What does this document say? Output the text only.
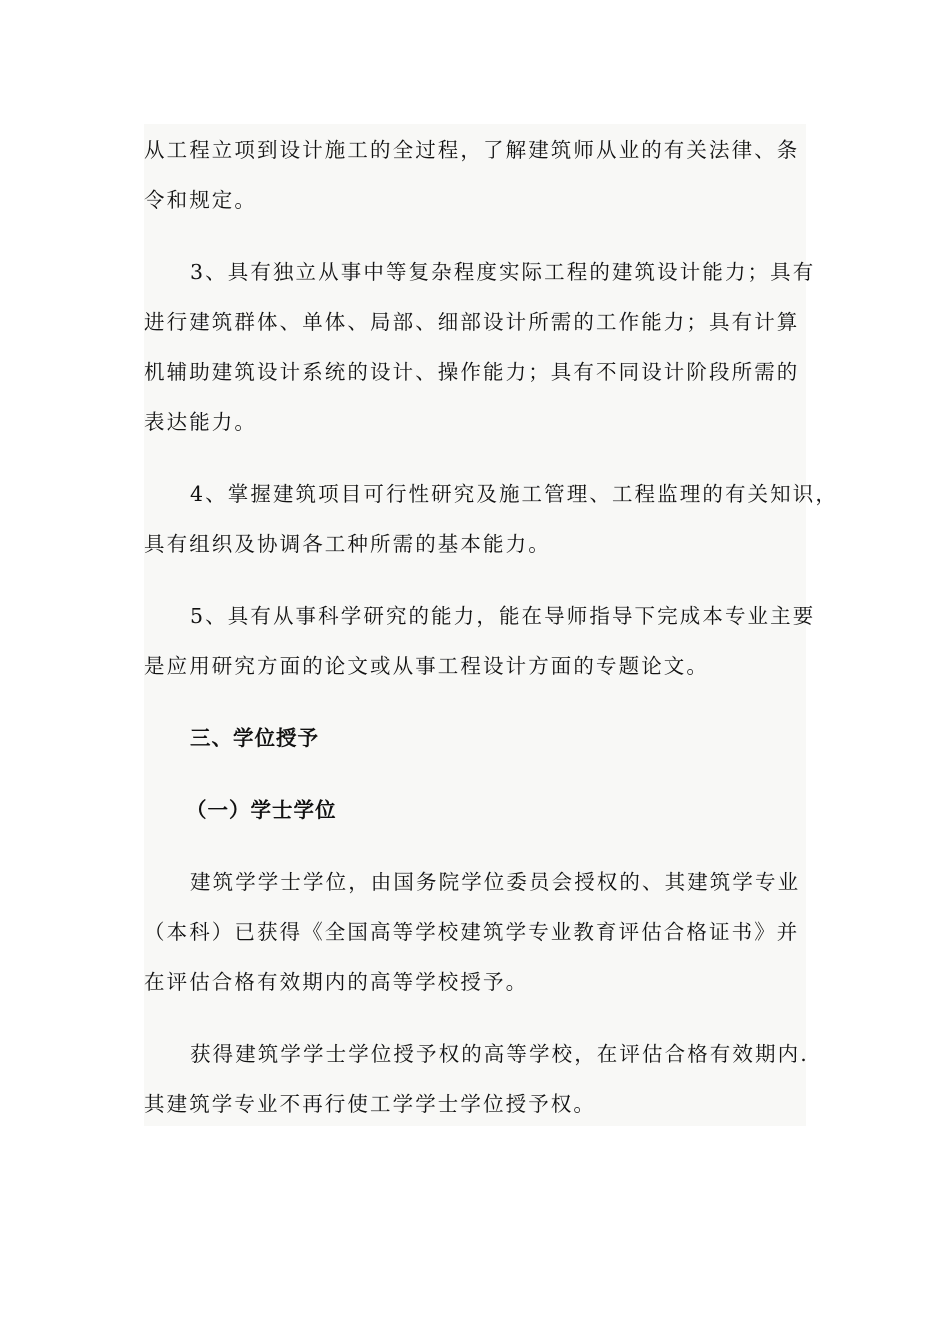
从工程立项到设计施工的全过程，了解建筑师从业的有关法律、条
令和规定。
3、具有独立从事中等复杂程度实际工程的建筑设计能力；具有
进行建筑群体、单体、局部、细部设计所需的工作能力；具有计算
机辅助建筑设计系统的设计、操作能力；具有不同设计阶段所需的
表达能力。
4、掌握建筑项目可行性研究及施工管理、工程监理的有关知识，
具有组织及协调各工种所需的基本能力。
5、具有从事科学研究的能力，能在导师指导下完成本专业主要
是应用研究方面的论文或从事工程设计方面的专题论文。
三、学位授予
（一）学士学位
建筑学学士学位，由国务院学位委员会授权的、其建筑学专业
（本科）已获得《全国高等学校建筑学专业教育评估合格证书》并
在评估合格有效期内的高等学校授予。
获得建筑学学士学位授予权的高等学校，在评估合格有效期内.
其建筑学专业不再行使工学学士学位授予权。
